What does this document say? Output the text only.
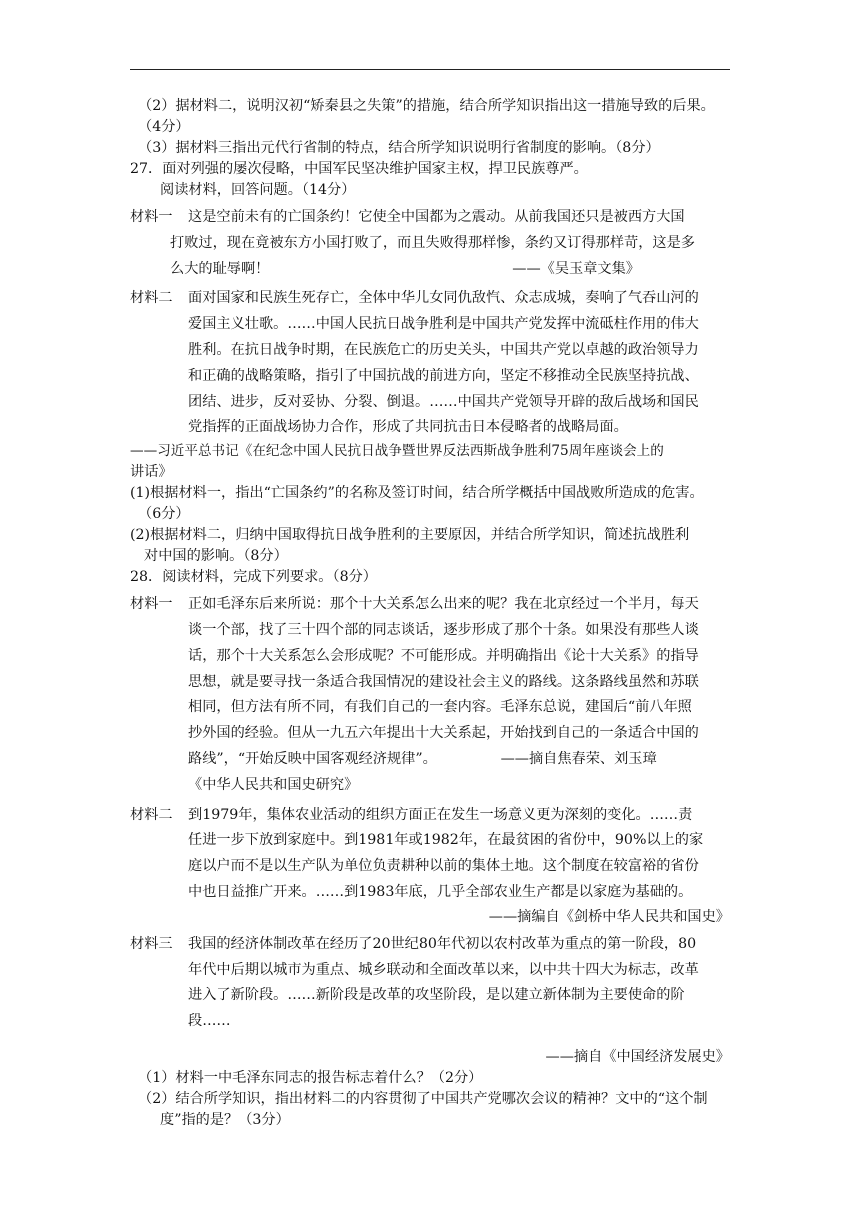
（2）据材料二，说明汉初“矫秦县之失策”的措施，结合所学知识指出这一措施导致的后果。
（4分）
（3）据材料三指出元代行省制的特点，结合所学知识说明行省制度的影响。（8分）
27．面对列强的屡次侵略，中国军民坚决维护国家主权，捍卫民族尊严。
阅读材料，回答问题。（14分）
材料一	这是空前未有的亡国条约！它使全中国都为之震动。从前我国还只是被西方大国
打败过，现在竟被东方小国打败了，而且失败得那样惨，条约又订得那样苛，这是多
么大的耻辱啊！	——《吴玉章文集》
材料二	面对国家和民族生死存亡，全体中华儿女同仇敌忾、众志成城，奏响了气吞山河的
爱国主义壮歌。……中国人民抗日战争胜利是中国共产党发挥中流砥柱作用的伟大
胜利。在抗日战争时期，在民族危亡的历史关头，中国共产党以卓越的政治领导力
和正确的战略策略，指引了中国抗战的前进方向，坚定不移推动全民族坚持抗战、
团结、进步，反对妥协、分裂、倒退。……中国共产党领导开辟的敌后战场和国民
党指挥的正面战场协力合作，形成了共同抗击日本侵略者的战略局面。
——习近平总书记《在纪念中国人民抗日战争暨世界反法西斯战争胜利75周年座谈会上的
讲话》
(1)根据材料一，指出“亡国条约”的名称及签订时间，结合所学概括中国战败所造成的危害。
（6分）
(2)根据材料二，归纳中国取得抗日战争胜利的主要原因，并结合所学知识，简述抗战胜利
对中国的影响。（8分）
28．阅读材料，完成下列要求。（8分）
材料一	正如毛泽东后来所说：那个十大关系怎么出来的呢？我在北京经过一个半月，每天
谈一个部，找了三十四个部的同志谈话，逐步形成了那个十条。如果没有那些人谈
话，那个十大关系怎么会形成呢？不可能形成。并明确指出《论十大关系》的指导
思想，就是要寻找一条适合我国情况的建设社会主义的路线。这条路线虽然和苏联
相同，但方法有所不同，有我们自己的一套内容。毛泽东总说，建国后“前八年照
抄外国的经验。但从一九五六年提出十大关系起，开始找到自己的一条适合中国的
路线”，“开始反映中国客观经济规律”。　　　　　——摘自焦春荣、刘玉璋
《中华人民共和国史研究》
材料二	到1979年，集体农业活动的组织方面正在发生一场意义更为深刻的变化。……责
任进一步下放到家庭中。到1981年或1982年，在最贫困的省份中，90%以上的家
庭以户而不是以生产队为单位负责耕种以前的集体土地。这个制度在较富裕的省份
中也日益推广开来。……到1983年底，几乎全部农业生产都是以家庭为基础的。
——摘编自《剑桥中华人民共和国史》
材料三	我国的经济体制改革在经历了20世纪80年代初以农村改革为重点的第一阶段，80
年代中后期以城市为重点、城乡联动和全面改革以来，以中共十四大为标志，改革
进入了新阶段。……新阶段是改革的攻坚阶段，是以建立新体制为主要使命的阶
段……
——摘自《中国经济发展史》
（1）材料一中毛泽东同志的报告标志着什么？（2分）
（2）结合所学知识，指出材料二的内容贯彻了中国共产党哪次会议的精神？文中的“这个制
度”指的是？（3分）
